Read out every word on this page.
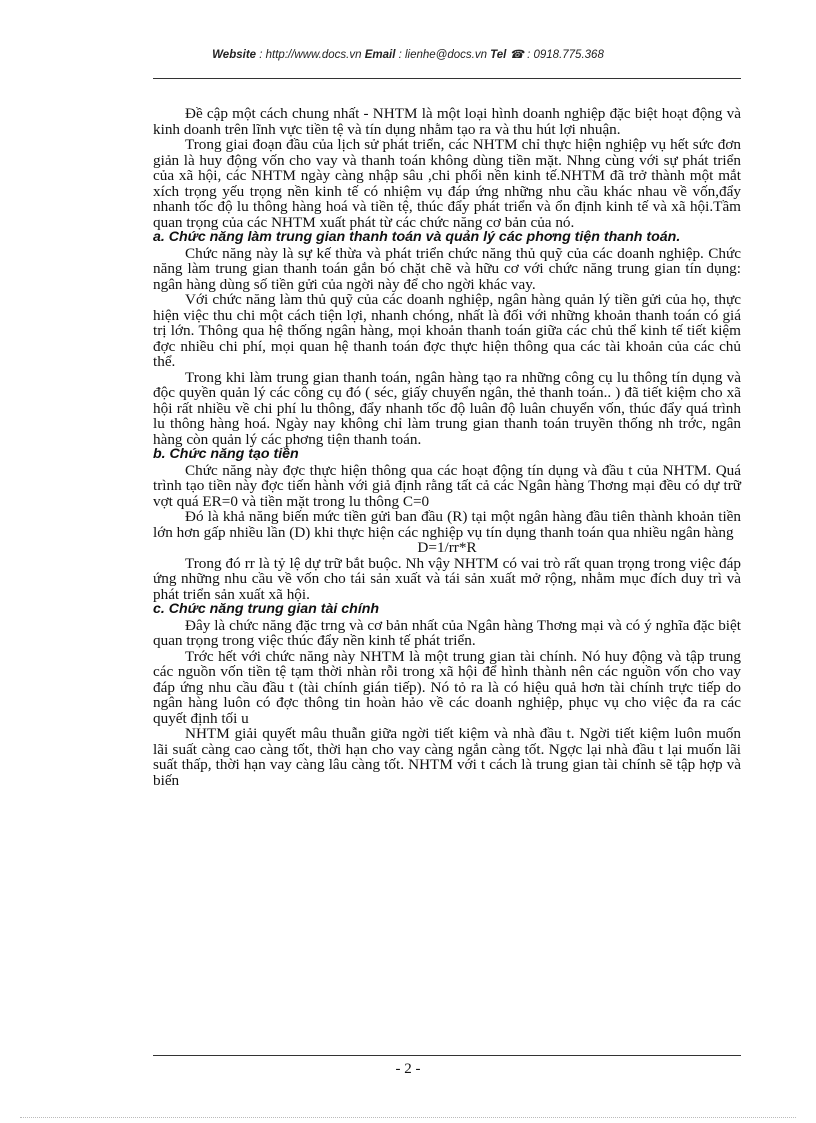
Website : http://www.docs.vn Email : lienhe@docs.vn Tel ☎ : 0918.775.368

Đề cập một cách chung nhất - NHTM là một loại hình doanh nghiệp đặc biệt hoạt động và kinh doanh trên lĩnh vực tiền tệ và tín dụng nhằm tạo ra và thu hút lợi nhuận.

Trong giai đoạn đầu của lịch sử phát triển, các NHTM chỉ thực hiện nghiệp vụ hết sức đơn giản là huy động vốn cho vay và thanh toán không dùng tiền mặt. Nhng cùng với sự phát triển của xã hội, các NHTM ngày càng nhập sâu ,chi phối nền kinh tế.NHTM đã trở thành một mắt xích trọng yếu trọng nền kinh tế có nhiệm vụ đáp ứng những nhu cầu khác nhau về vốn,đẩy nhanh tốc độ lu thông hàng hoá và tiền tệ, thúc đẩy phát triển và ổn định kinh tế và xã hội.Tầm quan trọng của các NHTM xuất phát từ các chức năng cơ bản của nó.

a. Chức năng làm trung gian thanh toán và quản lý các phơng tiện thanh toán.

Chức năng này là sự kế thừa và phát triển chức năng thủ quỹ của các doanh nghiệp. Chức năng làm trung gian thanh toán gắn bó chặt chẽ và hữu cơ với chức năng trung gian tín dụng: ngân hàng dùng số tiền gửi của ngời này để cho ngời khác vay.

Với chức năng làm thủ quỹ của các doanh nghiệp, ngân hàng quản lý tiền gửi của họ, thực hiện việc thu chi một cách tiện lợi, nhanh chóng, nhất là đối với những khoản thanh toán có giá trị lớn. Thông qua hệ thống ngân hàng, mọi khoản thanh toán giữa các chủ thể kinh tế tiết kiệm đợc nhiều chi phí, mọi quan hệ thanh toán đợc thực hiện thông qua các tài khoản của các chủ thể.

Trong khi làm trung gian thanh toán, ngân hàng tạo ra những công cụ lu thông tín dụng và độc quyền quản lý các công cụ đó ( séc, giấy chuyển ngân, thẻ thanh toán.. ) đã tiết kiệm cho xã hội rất nhiều về chi phí lu thông, đẩy nhanh tốc độ luân độ luân chuyển vốn, thúc đẩy quá trình lu thông hàng hoá. Ngày nay không chỉ làm trung gian thanh toán truyền thống nh trớc, ngân hàng còn quản lý các phơng tiện thanh toán.

b. Chức năng tạo tiền

Chức năng này đợc thực hiện thông qua các hoạt động tín dụng và đầu t của NHTM. Quá trình tạo tiền này đợc tiến hành với giả định rằng tất cả các Ngân hàng Thơng mại đều có dự trữ vợt quá ER=0 và tiền mặt trong lu thông C=0

Đó là khả năng biến mức tiền gửi ban đầu (R) tại một ngân hàng đầu tiên thành khoản tiền lớn hơn gấp nhiều lần (D) khi thực hiện các nghiệp vụ tín dụng thanh toán qua nhiều ngân hàng

D=1/rr*R

Trong đó rr là tỷ lệ dự trữ bắt buộc. Nh vậy NHTM có vai trò rất quan trọng trong việc đáp ứng những nhu cầu về vốn cho tái sản xuất và tái sản xuất mở rộng, nhằm mục đích duy trì và phát triển sản xuất xã hội.

c. Chức năng trung gian tài chính

Đây là chức năng đặc trng và cơ bản nhất của Ngân hàng Thơng mại và có ý nghĩa đặc biệt quan trọng trong việc thúc đẩy nền kinh tế phát triển.

Trớc hết với chức năng này NHTM là một trung gian tài chính. Nó huy động và tập trung các nguồn vốn tiền tệ tạm thời nhàn rỗi trong xã hội để hình thành nên các nguồn vốn cho vay đáp ứng nhu cầu đầu t (tài chính gián tiếp). Nó tỏ ra là có hiệu quả hơn tài chính trực tiếp do ngân hàng luôn có đợc thông tin hoàn hảo về các doanh nghiệp, phục vụ cho việc đa ra các quyết định tối u

NHTM giải quyết mâu thuẫn giữa ngời tiết kiệm và nhà đầu t. Ngời tiết kiệm luôn muốn lãi suất càng cao càng tốt, thời hạn cho vay càng ngắn càng tốt. Ngợc lại nhà đầu t lại muốn lãi suất thấp, thời hạn vay càng lâu càng tốt. NHTM với t cách là trung gian tài chính sẽ tập hợp và biến

- 2 -
